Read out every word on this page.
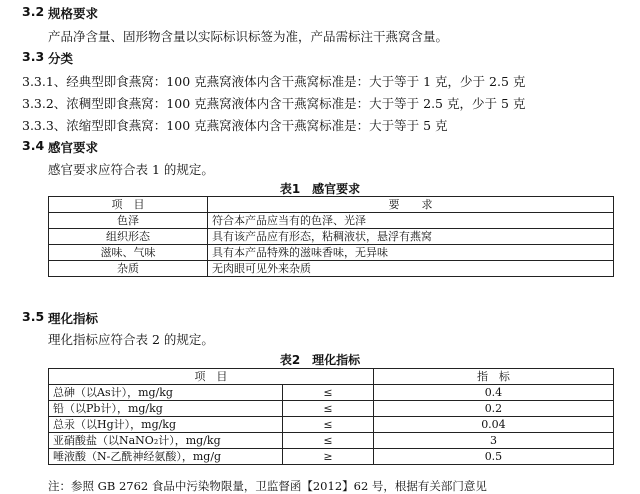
3.2 规格要求
产品净含量、固形物含量以实际标识标签为准，产品需标注干燕窝含量。
3.3 分类
3.3.1、经典型即食燕窝：100 克燕窝液体内含干燕窝标准是：大于等于 1 克，少于 2.5 克
3.3.2、浓稠型即食燕窝：100 克燕窝液体内含干燕窝标准是：大于等于 2.5 克，少于 5 克
3.3.3、浓缩型即食燕窝：100 克燕窝液体内含干燕窝标准是：大于等于 5 克
3.4 感官要求
感官要求应符合表 1 的规定。
表1　感官要求
项　目	要　　求
色泽	符合本产品应当有的色泽、光泽
组织形态	具有该产品应有形态，粘稠液状，悬浮有燕窝
滋味、气味	具有本产品特殊的滋味香味，无异味
杂质	无肉眼可见外来杂质
3.5 理化指标
理化指标应符合表 2 的规定。
表2　理化指标
项　目		指　标
总砷（以As计），mg/kg	≤	0.4
铅（以Pb计），mg/kg	≤	0.2
总汞（以Hg计），mg/kg	≤	0.04
亚硝酸盐（以NaNO₂计），mg/kg	≤	3
唾液酸（N-乙酰神经氨酸），mg/g	≥	0.5
注：参照 GB 2762 食品中污染物限量，卫监督函【2012】62 号，根据有关部门意见
